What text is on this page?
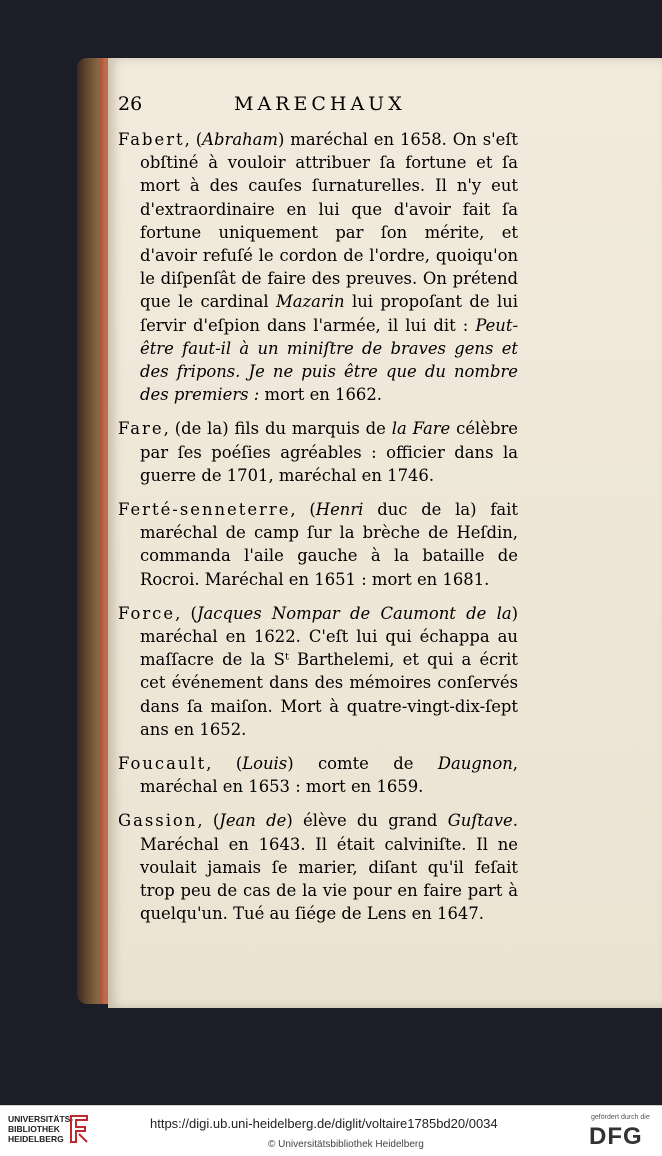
26	MARECHAUX
Fabert, (Abraham) maréchal en 1658. On s'eſt obſtiné à vouloir attribuer ſa fortune et ſa mort à des cauſes ſurnaturelles. Il n'y eut d'extraordinaire en lui que d'avoir fait ſa fortune uniquement par ſon mérite, et d'avoir refuſé le cordon de l'ordre, quoiqu'on le diſpenſât de faire des preuves. On prétend que le cardinal Mazarin lui propoſant de lui ſervir d'eſpion dans l'armée, il lui dit : Peut-être faut-il à un miniſtre de braves gens et des fripons. Je ne puis être que du nombre des premiers : mort en 1662.
Fare, (de la) fils du marquis de la Fare célèbre par ſes poéſies agréables : officier dans la guerre de 1701, maréchal en 1746.
Ferté-senneterre, (Henri duc de la) fait maréchal de camp ſur la brèche de Heſdin, commanda l'aile gauche à la bataille de Rocroi. Maréchal en 1651 : mort en 1681.
Force, (Jacques Nompar de Caumont de la) maréchal en 1622. C'eſt lui qui échappa au maſſacre de la Sᵗ Barthelemi, et qui a écrit cet événement dans des mémoires conſervés dans ſa maiſon. Mort à quatre-vingt-dix-ſept ans en 1652.
Foucault, (Louis) comte de Daugnon, maréchal en 1653 : mort en 1659.
Gassion, (Jean de) élève du grand Guſtave. Maréchal en 1643. Il était calviniſte. Il ne voulait jamais ſe marier, diſant qu'il feſait trop peu de cas de la vie pour en faire part à quelqu'un. Tué au ſiége de Lens en 1647.
UNIVERSITÄTS-
BIBLIOTHEK
HEIDELBERG
https://digi.ub.uni-heidelberg.de/diglit/voltaire1785bd20/0034
© Universitätsbibliothek Heidelberg
gefördert durch die
DFG
